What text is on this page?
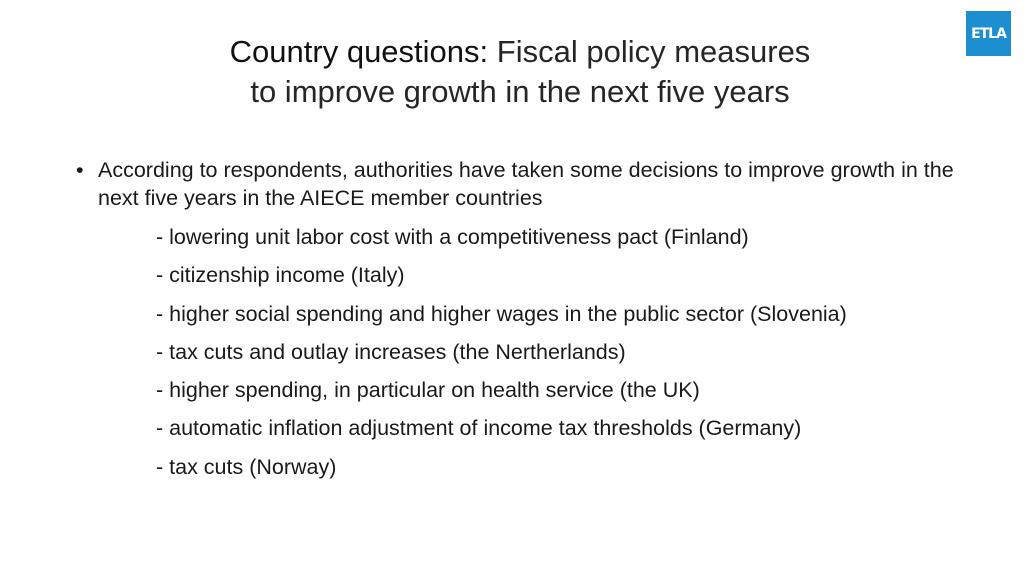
ETLA
Country questions: Fiscal policy measures
to improve growth in the next five years
• According to respondents, authorities have taken some decisions to improve growth in the next five years in the AIECE member countries
- lowering unit labor cost with a competitiveness pact (Finland)
- citizenship income (Italy)
- higher social spending and higher wages in the public sector (Slovenia)
- tax cuts and outlay increases (the Nertherlands)
- higher spending, in particular on health service (the UK)
- automatic inflation adjustment of income tax thresholds (Germany)
- tax cuts (Norway)
